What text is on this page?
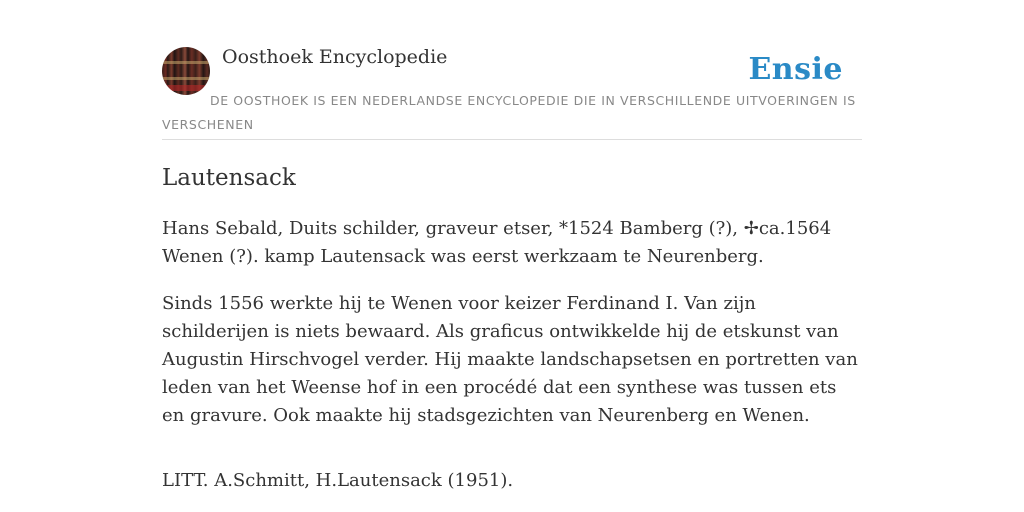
Oosthoek Encyclopedie	Ensie
DE OOSTHOEK IS EEN NEDERLANDSE ENCYCLOPEDIE DIE IN VERSCHILLENDE UITVOERINGEN IS VERSCHENEN
Lautensack

Hans Sebald, Duits schilder, graveur etser, *1524 Bamberg (?), ✢ca.1564 Wenen (?). kamp Lautensack was eerst werkzaam te Neurenberg.

Sinds 1556 werkte hij te Wenen voor keizer Ferdinand I. Van zijn schilderijen is niets bewaard. Als graficus ontwikkelde hij de etskunst van Augustin Hirschvogel verder. Hij maakte landschapsetsen en portretten van leden van het Weense hof in een procédé dat een synthese was tussen ets en gravure. Ook maakte hij stadsgezichten van Neurenberg en Wenen.

LITT. A.Schmitt, H.Lautensack (1951).
